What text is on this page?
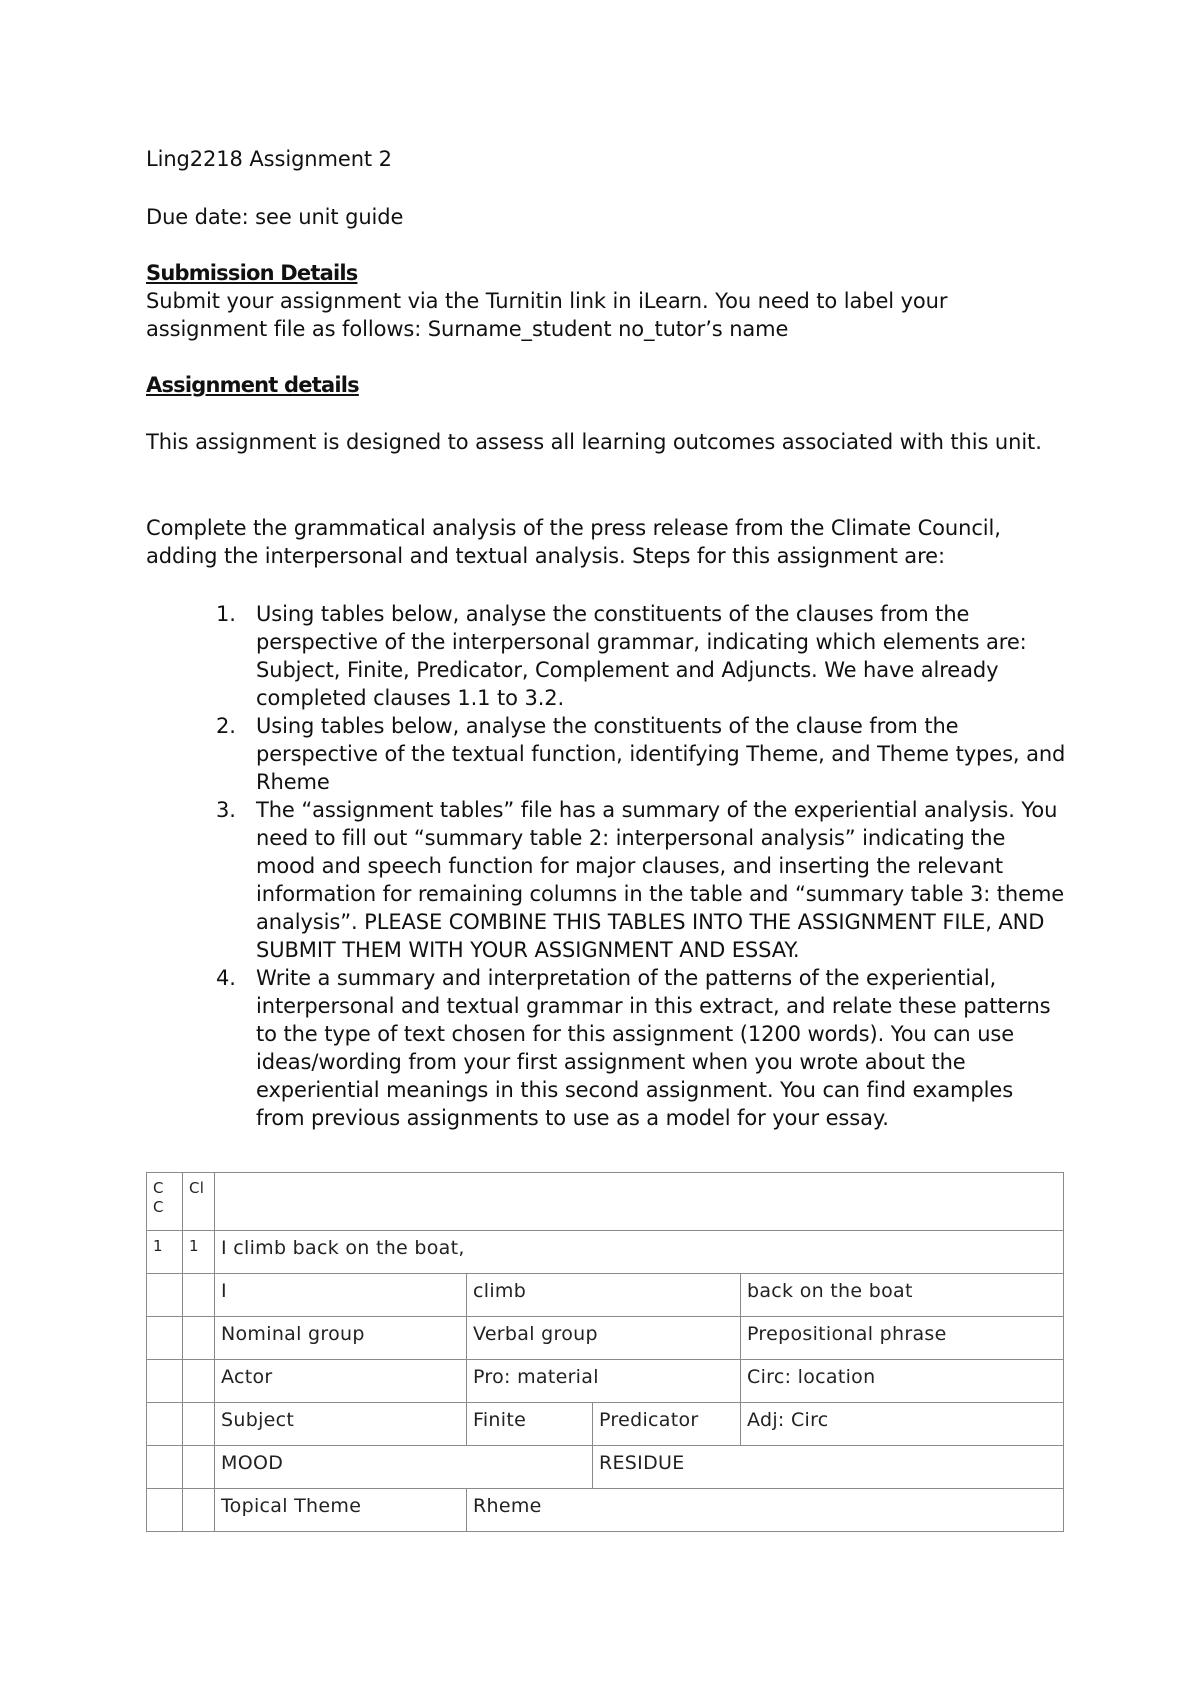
Ling2218 Assignment 2

Due date: see unit guide

Submission Details

Submit your assignment via the Turnitin link in iLearn. You need to label your assignment file as follows: Surname_student no_tutor’s name

Assignment details

This assignment is designed to assess all learning outcomes associated with this unit.

Complete the grammatical analysis of the press release from the Climate Council, adding the interpersonal and textual analysis. Steps for this assignment are:

1. Using tables below, analyse the constituents of the clauses from the perspective of the interpersonal grammar, indicating which elements are: Subject, Finite, Predicator, Complement and Adjuncts. We have already completed clauses 1.1 to 3.2.
2. Using tables below, analyse the constituents of the clause from the perspective of the textual function, identifying Theme, and Theme types, and Rheme
3. The “assignment tables” file has a summary of the experiential analysis. You need to fill out “summary table 2: interpersonal analysis” indicating the mood and speech function for major clauses, and inserting the relevant information for remaining columns in the table and “summary table 3: theme analysis”. PLEASE COMBINE THIS TABLES INTO THE ASSIGNMENT FILE, AND SUBMIT THEM WITH YOUR ASSIGNMENT AND ESSAY.
4. Write a summary and interpretation of the patterns of the experiential, interpersonal and textual grammar in this extract, and relate these patterns to the type of text chosen for this assignment (1200 words). You can use ideas/wording from your first assignment when you wrote about the experiential meanings in this second assignment. You can find examples from previous assignments to use as a model for your essay.
C
C	Cl				
1	1	I climb back on the boat,			
		I	climb		back on the boat
		Nominal group	Verbal group		Prepositional phrase
		Actor	Pro: material		Circ: location
		Subject	Finite	Predicator	Adj: Circ
		MOOD		RESIDUE	
		Topical Theme	Rheme		
